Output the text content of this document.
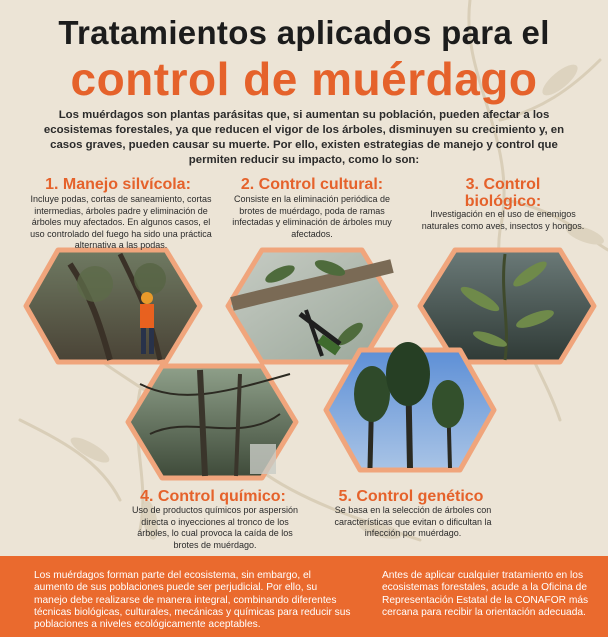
Tratamientos aplicados para el
control de muérdago
Los muérdagos son plantas parásitas que, si aumentan su población, pueden afectar a los ecosistemas forestales, ya que reducen el vigor de los árboles, disminuyen su crecimiento y, en casos graves, pueden causar su muerte. Por ello, existen estrategias de manejo y control que permiten reducir su impacto, como lo son:
1. Manejo silvícola:
Incluye podas, cortas de saneamiento, cortas intermedias, árboles padre y eliminación de árboles muy afectados. En algunos casos, el uso controlado del fuego ha sido una práctica alternativa a las podas.
2. Control cultural:
Consiste en la eliminación periódica de brotes de muérdago, poda de ramas infectadas y eliminación de árboles muy afectados.
3. Control
biológico:
Investigación en el uso de enemigos naturales como aves, insectos y hongos.
4. Control químico:
Uso de productos químicos por aspersión directa o inyecciones al tronco de los árboles, lo cual provoca la caída de los brotes de muérdago.
5. Control genético
Se basa en la selección de árboles con características que evitan o dificultan la infección por muérdago.
Los muérdagos forman parte del ecosistema, sin embargo, el aumento de sus poblaciones puede ser perjudicial. Por ello, su manejo debe realizarse de manera integral, combinando diferentes técnicas biológicas, culturales, mecánicas y químicas para reducir sus poblaciones a niveles ecológicamente aceptables.
Antes de aplicar cualquier tratamiento en los ecosistemas forestales, acude a la Oficina de Representación Estatal de la CONAFOR más cercana para recibir la orientación adecuada.
